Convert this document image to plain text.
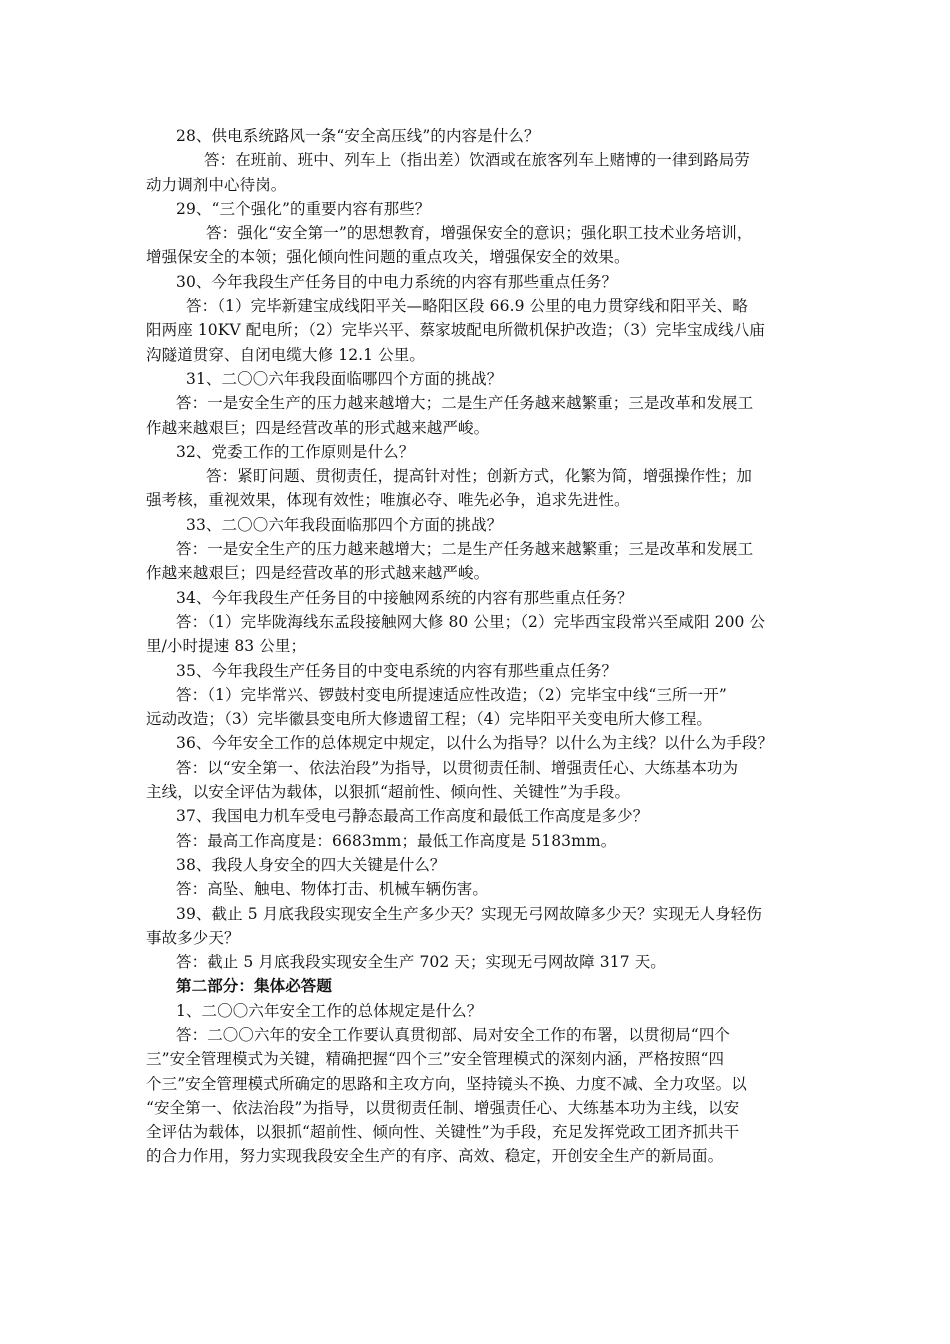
28、供电系统路风一条“安全高压线”的内容是什么？
答：在班前、班中、列车上（指出差）饮酒或在旅客列车上赌博的一律到路局劳
动力调剂中心待岗。
29、“三个强化”的重要内容有那些？
答：强化“安全第一”的思想教育，增强保安全的意识；强化职工技术业务培训，
增强保安全的本领；强化倾向性问题的重点攻关，增强保安全的效果。
30、今年我段生产任务目的中电力系统的内容有那些重点任务？
答：（1）完毕新建宝成线阳平关—略阳区段 66.9 公里的电力贯穿线和阳平关、略
阳两座 10KV 配电所；（2）完毕兴平、蔡家坡配电所微机保护改造；（3）完毕宝成线八庙
沟隧道贯穿、自闭电缆大修 12.1 公里。
31、二〇〇六年我段面临哪四个方面的挑战？
答：一是安全生产的压力越来越增大；二是生产任务越来越繁重；三是改革和发展工
作越来越艰巨；四是经营改革的形式越来越严峻。
32、党委工作的工作原则是什么？
答：紧盯问题、贯彻责任，提高针对性；创新方式，化繁为简，增强操作性；加
强考核，重视效果，体现有效性；唯旗必夺、唯先必争，追求先进性。
33、二〇〇六年我段面临那四个方面的挑战？
答：一是安全生产的压力越来越增大；二是生产任务越来越繁重；三是改革和发展工
作越来越艰巨；四是经营改革的形式越来越严峻。
34、今年我段生产任务目的中接触网系统的内容有那些重点任务？
答：（1）完毕陇海线东孟段接触网大修 80 公里；（2）完毕西宝段常兴至咸阳 200 公
里/小时提速 83 公里；
35、今年我段生产任务目的中变电系统的内容有那些重点任务？
答：（1）完毕常兴、锣鼓村变电所提速适应性改造；（2）完毕宝中线“三所一开”
远动改造；（3）完毕徽县变电所大修遗留工程；（4）完毕阳平关变电所大修工程。
36、今年安全工作的总体规定中规定，以什么为指导？以什么为主线？以什么为手段？
答：以“安全第一、依法治段”为指导，以贯彻责任制、增强责任心、大练基本功为
主线，以安全评估为载体，以狠抓“超前性、倾向性、关键性”为手段。
37、我国电力机车受电弓静态最高工作高度和最低工作高度是多少？
答：最高工作高度是：6683mm；最低工作高度是 5183mm。
38、我段人身安全的四大关键是什么？
答：高坠、触电、物体打击、机械车辆伤害。
39、截止 5 月底我段实现安全生产多少天？实现无弓网故障多少天？实现无人身轻伤
事故多少天？
答：截止 5 月底我段实现安全生产 702 天；实现无弓网故障 317 天。
第二部分：集体必答题
1、二〇〇六年安全工作的总体规定是什么？
答：二〇〇六年的安全工作要认真贯彻部、局对安全工作的布署，以贯彻局“四个
三”安全管理模式为关键，精确把握“四个三”安全管理模式的深刻内涵，严格按照“四
个三”安全管理模式所确定的思路和主攻方向，坚持镜头不换、力度不减、全力攻坚。以
“安全第一、依法治段”为指导，以贯彻责任制、增强责任心、大练基本功为主线，以安
全评估为载体，以狠抓“超前性、倾向性、关键性”为手段，充足发挥党政工团齐抓共干
的合力作用，努力实现我段安全生产的有序、高效、稳定，开创安全生产的新局面。
